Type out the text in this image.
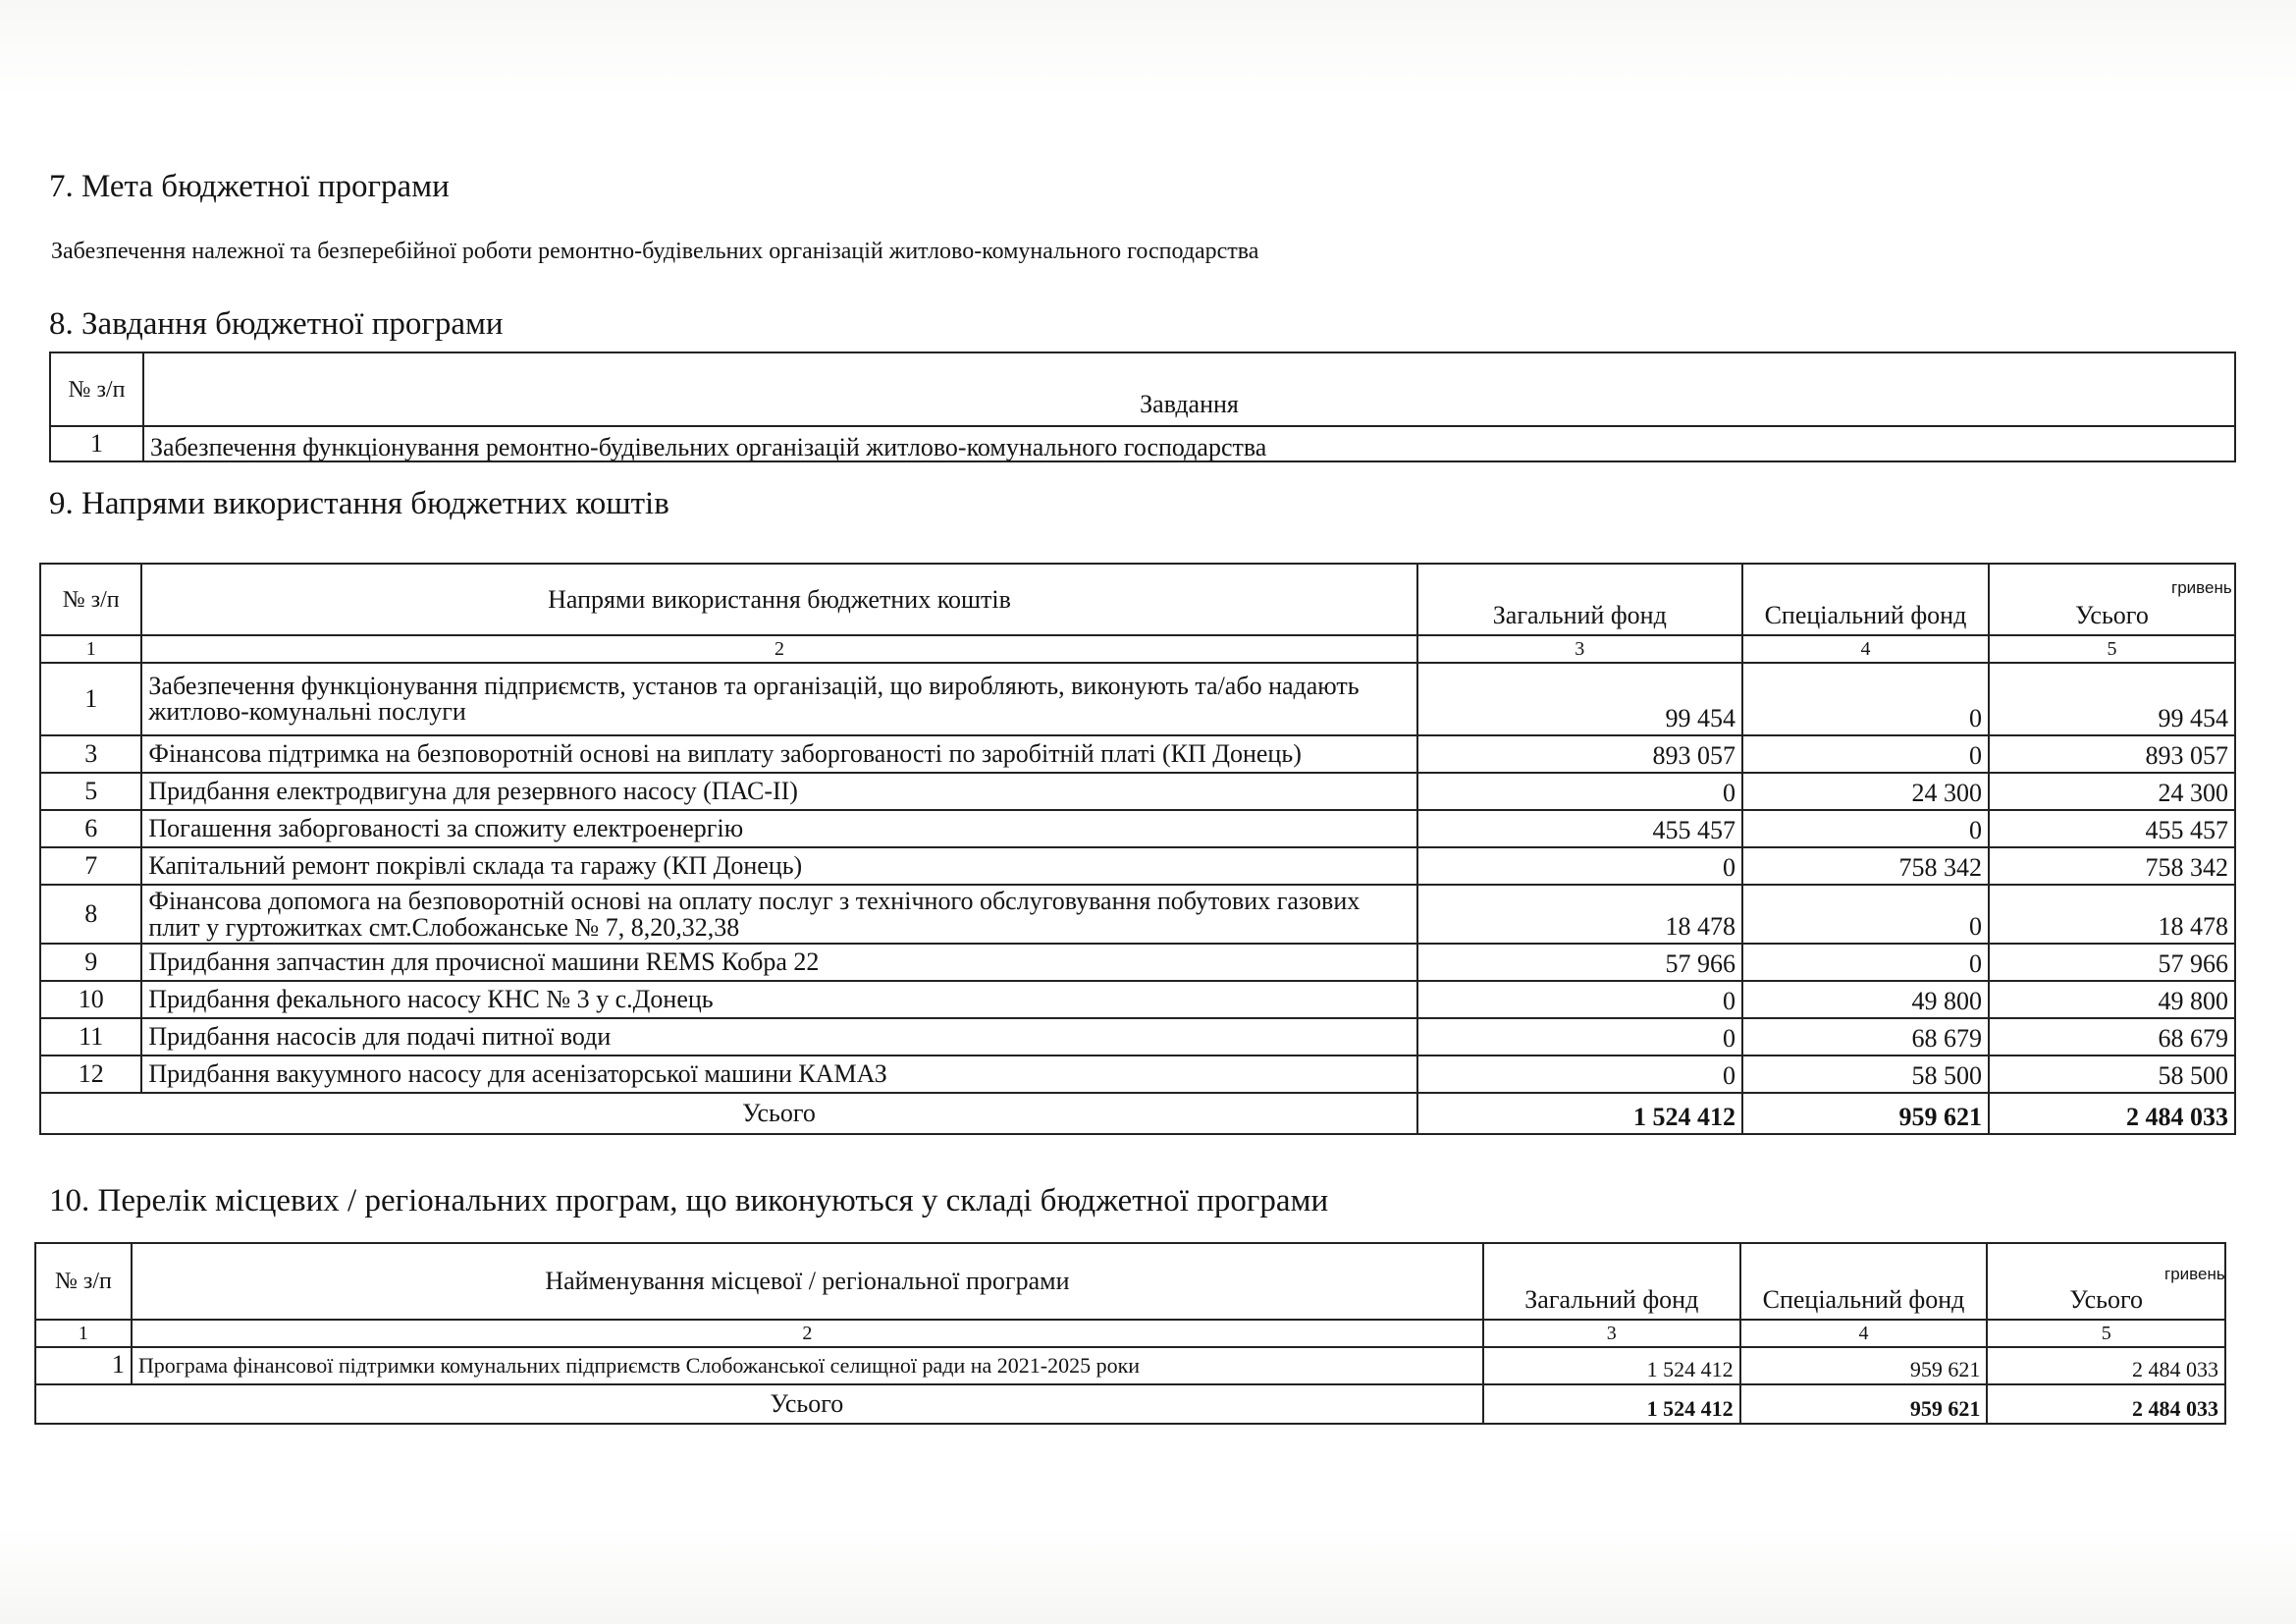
7. Мета бюджетної програми
Забезпечення належної та безперебійної роботи ремонтно-будівельних організацій житлово-комунального господарства
8. Завдання бюджетної програми
№ з/п	Завдання
1	Забезпечення функціонування ремонтно-будівельних організацій житлово-комунального господарства
9. Напрями використання бюджетних коштів
гривень
№ з/п	Напрями використання бюджетних коштів	Загальний фонд	Спеціальний фонд	Усього
1	2	3	4	5
1	Забезпечення функціонування підприємств, установ та організацій, що виробляють, виконують та/або надають житлово-комунальні послуги	99 454	0	99 454
3	Фінансова підтримка на безповоротній основі на виплату заборгованості по заробітній платі (КП Донець)	893 057	0	893 057
5	Придбання електродвигуна для резервного насосу (ПАС-ІІ)	0	24 300	24 300
6	Погашення заборгованості за спожиту електроенергію	455 457	0	455 457
7	Капітальний ремонт покрівлі склада та гаражу (КП Донець)	0	758 342	758 342
8	Фінансова допомога на безповоротній основі на оплату послуг з технічного обслуговування побутових газових плит у гуртожитках смт.Слобожанське № 7, 8,20,32,38	18 478	0	18 478
9	Придбання запчастин для прочисної машини REMS Кобра 22	57 966	0	57 966
10	Придбання фекального насосу КНС № 3 у с.Донець	0	49 800	49 800
11	Придбання насосів для подачі питної води	0	68 679	68 679
12	Придбання вакуумного насосу для асенізаторської машини КАМАЗ	0	58 500	58 500
	Усього	1 524 412	959 621	2 484 033
10. Перелік місцевих / регіональних програм, що виконуються у складі бюджетної програми
гривень
№ з/п	Найменування місцевої / регіональної програми	Загальний фонд	Спеціальний фонд	Усього
1	2	3	4	5
1	Програма фінансової підтримки комунальних підприємств Слобожанської селищної ради на 2021-2025 роки	1 524 412	959 621	2 484 033
	Усього	1 524 412	959 621	2 484 033
